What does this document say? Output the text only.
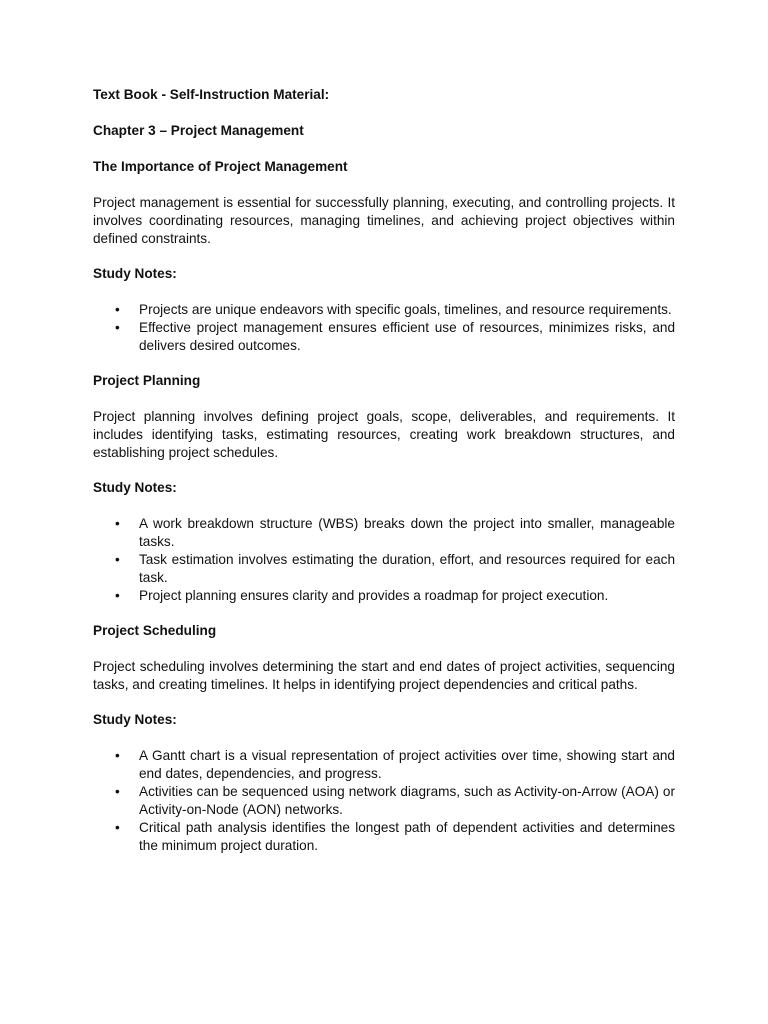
Text Book - Self-Instruction Material:

Chapter 3 – Project Management

The Importance of Project Management

Project management is essential for successfully planning, executing, and controlling projects. It involves coordinating resources, managing timelines, and achieving project objectives within defined constraints.

Study Notes:

• Projects are unique endeavors with specific goals, timelines, and resource requirements.
• Effective project management ensures efficient use of resources, minimizes risks, and delivers desired outcomes.

Project Planning

Project planning involves defining project goals, scope, deliverables, and requirements. It includes identifying tasks, estimating resources, creating work breakdown structures, and establishing project schedules.

Study Notes:

• A work breakdown structure (WBS) breaks down the project into smaller, manageable tasks.
• Task estimation involves estimating the duration, effort, and resources required for each task.
• Project planning ensures clarity and provides a roadmap for project execution.

Project Scheduling

Project scheduling involves determining the start and end dates of project activities, sequencing tasks, and creating timelines. It helps in identifying project dependencies and critical paths.

Study Notes:

• A Gantt chart is a visual representation of project activities over time, showing start and end dates, dependencies, and progress.
• Activities can be sequenced using network diagrams, such as Activity-on-Arrow (AOA) or Activity-on-Node (AON) networks.
• Critical path analysis identifies the longest path of dependent activities and determines the minimum project duration.
